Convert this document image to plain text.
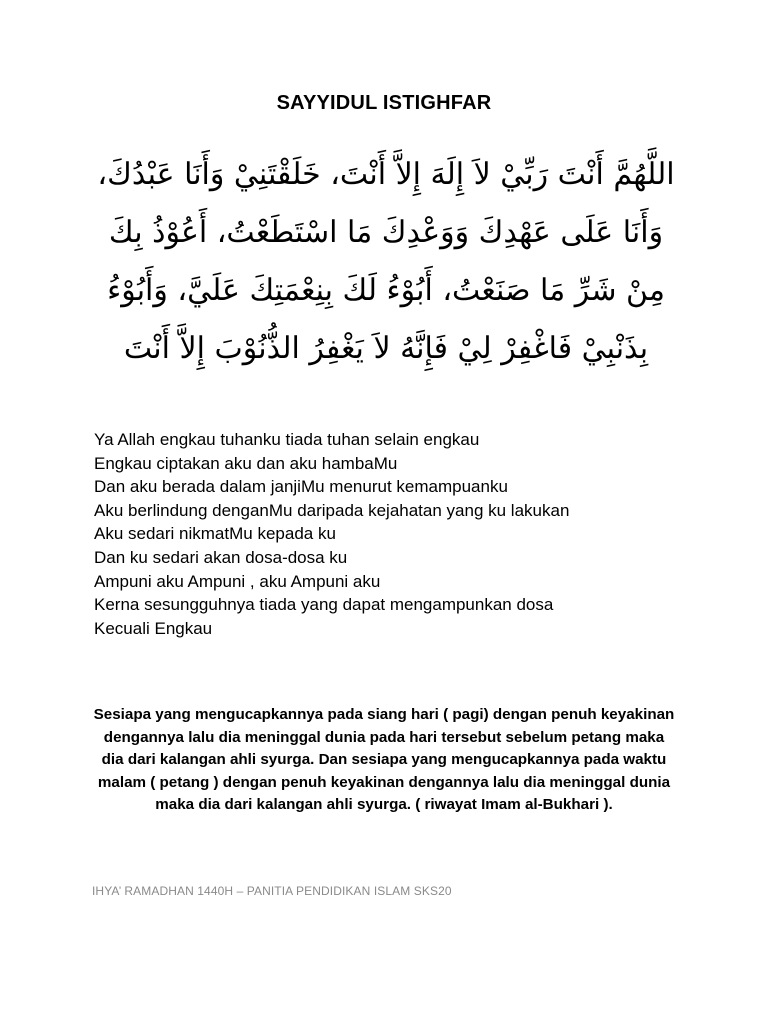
SAYYIDUL ISTIGHFAR
اللَّهُمَّ أَنْتَ رَبِّيْ لاَ إِلَهَ إِلاَّ أَنْتَ، خَلَقْتَنِيْ وَأَنَا عَبْدُكَ، وَأَنَا عَلَى عَهْدِكَ وَوَعْدِكَ مَا اسْتَطَعْتُ، أَعُوْذُ بِكَ مِنْ شَرِّ مَا صَنَعْتُ، أَبُوْءُ لَكَ بِنِعْمَتِكَ عَلَيَّ، وَأَبُوْءُ بِذَنْبِيْ فَاغْفِرْ لِيْ فَإِنَّهُ لاَ يَغْفِرُ الذُّنُوْبَ إِلاَّ أَنْتَ
Ya Allah engkau tuhanku tiada tuhan selain engkau
Engkau ciptakan aku dan aku hambaMu
Dan aku berada dalam janjiMu menurut kemampuanku
Aku berlindung denganMu daripada kejahatan yang ku lakukan
Aku sedari nikmatMu kepada ku
Dan ku sedari akan dosa-dosa ku
Ampuni aku Ampuni , aku Ampuni aku
Kerna sesungguhnya tiada yang dapat mengampunkan dosa
Kecuali Engkau
Sesiapa yang mengucapkannya pada siang hari ( pagi) dengan penuh keyakinan dengannya lalu dia meninggal dunia pada hari tersebut sebelum petang maka dia dari kalangan ahli syurga. Dan sesiapa yang mengucapkannya pada waktu malam ( petang ) dengan penuh keyakinan dengannya lalu dia meninggal dunia maka dia dari kalangan ahli syurga. ( riwayat Imam al-Bukhari ).
IHYA’ RAMADHAN 1440H – PANITIA PENDIDIKAN ISLAM SKS20
